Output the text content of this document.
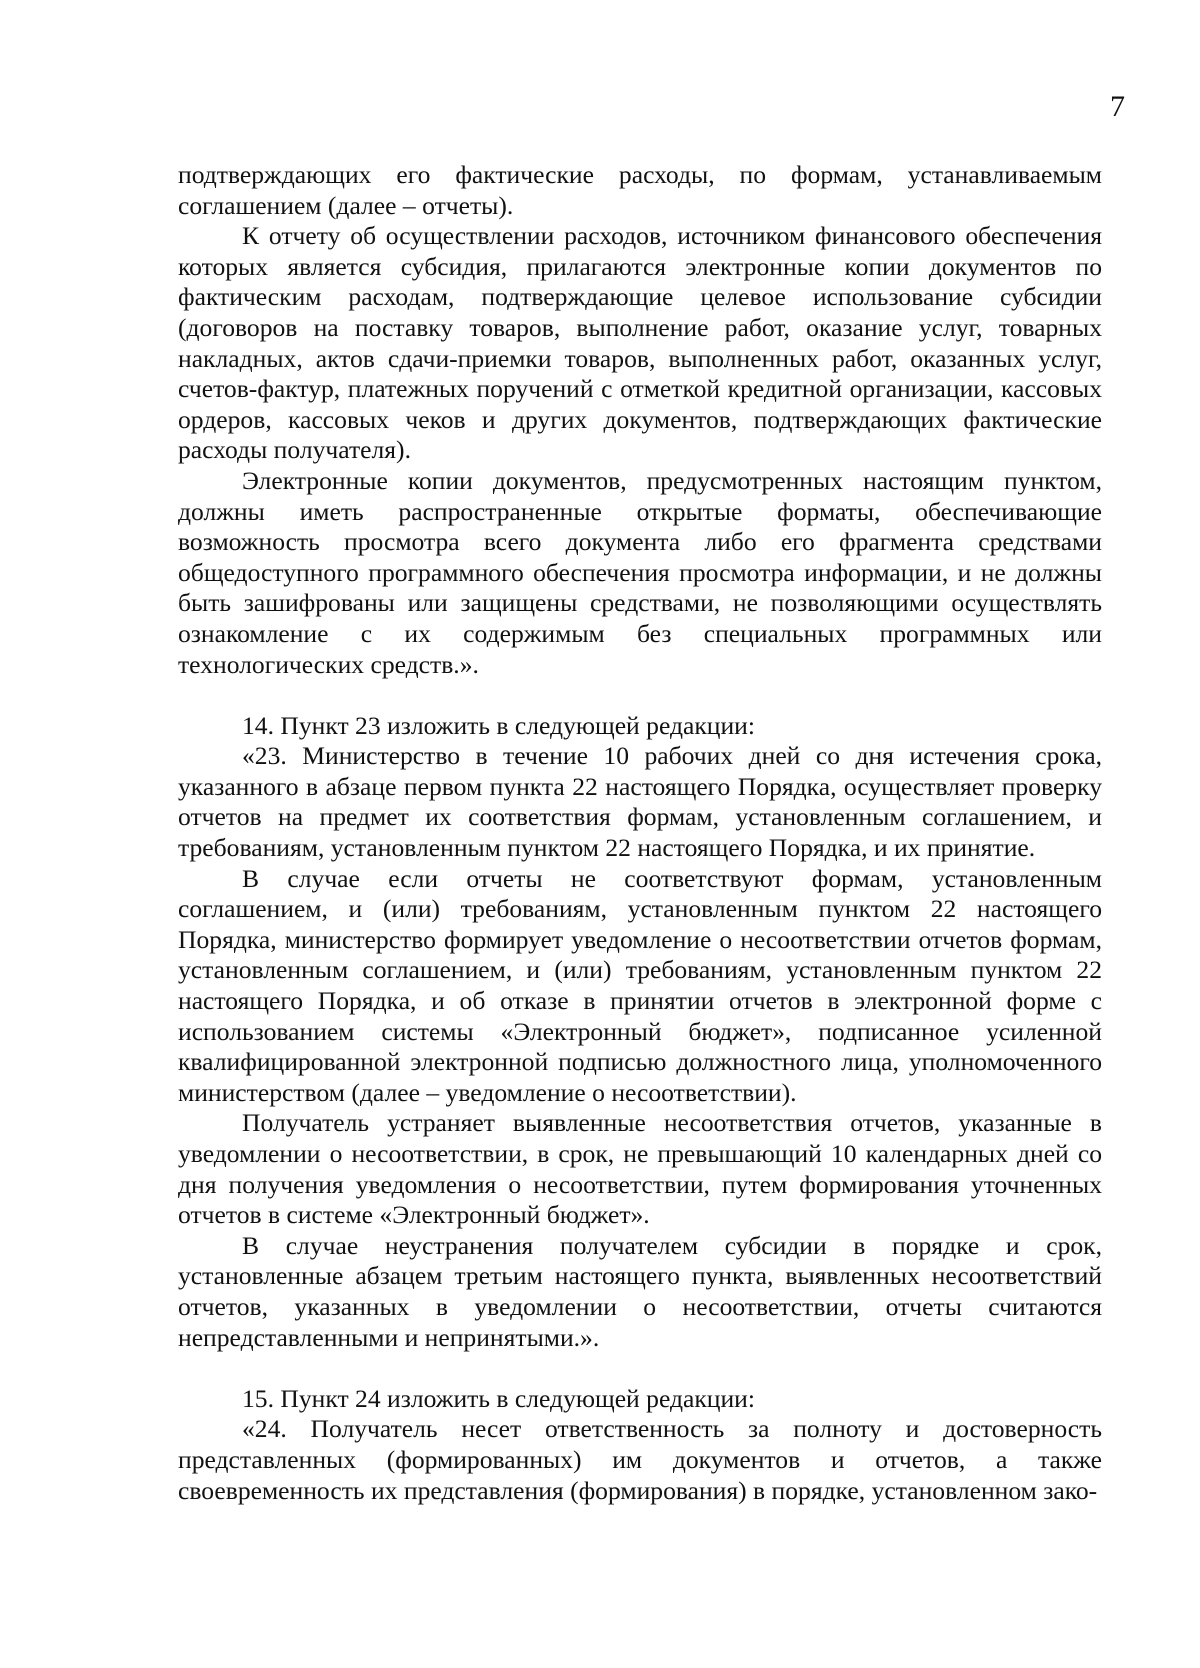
7

подтверждающих его фактические расходы, по формам, устанавливаемым соглашением (далее – отчеты).

К отчету об осуществлении расходов, источником финансового обеспечения которых является субсидия, прилагаются электронные копии документов по фактическим расходам, подтверждающие целевое использование субсидии (договоров на поставку товаров, выполнение работ, оказание услуг, товарных накладных, актов сдачи-приемки товаров, выполненных работ, оказанных услуг, счетов-фактур, платежных поручений с отметкой кредитной организации, кассовых ордеров, кассовых чеков и других документов, подтверждающих фактические расходы получателя).

Электронные копии документов, предусмотренных настоящим пунктом, должны иметь распространенные открытые форматы, обеспечивающие возможность просмотра всего документа либо его фрагмента средствами общедоступного программного обеспечения просмотра информации, и не должны быть зашифрованы или защищены средствами, не позволяющими осуществлять ознакомление с их содержимым без специальных программных или технологических средств.».

14. Пункт 23 изложить в следующей редакции:

«23. Министерство в течение 10 рабочих дней со дня истечения срока, указанного в абзаце первом пункта 22 настоящего Порядка, осуществляет проверку отчетов на предмет их соответствия формам, установленным соглашением, и требованиям, установленным пунктом 22 настоящего Порядка, и их принятие.

В случае если отчеты не соответствуют формам, установленным соглашением, и (или) требованиям, установленным пунктом 22 настоящего Порядка, министерство формирует уведомление о несоответствии отчетов формам, установленным соглашением, и (или) требованиям, установленным пунктом 22 настоящего Порядка, и об отказе в принятии отчетов в электронной форме с использованием системы «Электронный бюджет», подписанное усиленной квалифицированной электронной подписью должностного лица, уполномоченного министерством (далее – уведомление о несоответствии).

Получатель устраняет выявленные несоответствия отчетов, указанные в уведомлении о несоответствии, в срок, не превышающий 10 календарных дней со дня получения уведомления о несоответствии, путем формирования уточненных отчетов в системе «Электронный бюджет».

В случае неустранения получателем субсидии в порядке и срок, установленные абзацем третьим настоящего пункта, выявленных несоответствий отчетов, указанных в уведомлении о несоответствии, отчеты считаются непредставленными и непринятыми.».

15. Пункт 24 изложить в следующей редакции:

«24. Получатель несет ответственность за полноту и достоверность представленных (формированных) им документов и отчетов, а также своевременность их представления (формирования) в порядке, установленном зако-
